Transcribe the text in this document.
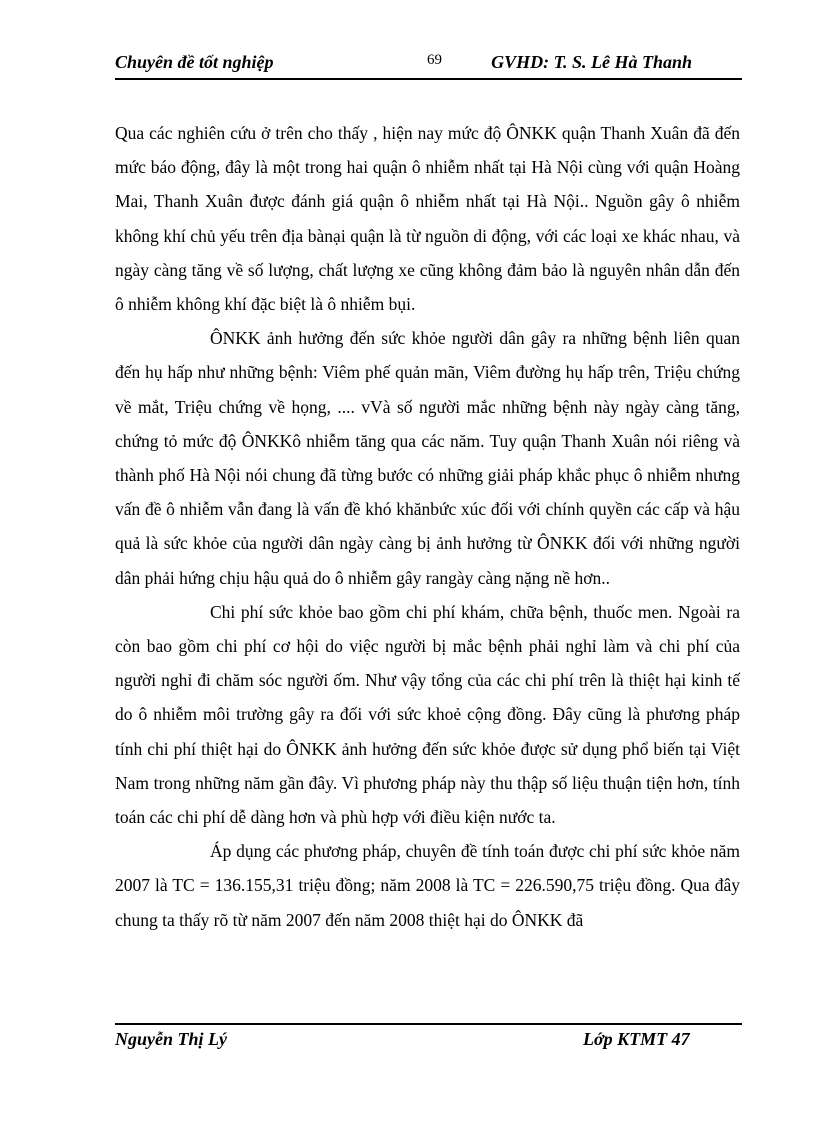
Chuyên đề tốt nghiệp	69	GVHD: T. S. Lê Hà Thanh

Qua các nghiên cứu ở trên cho thấy , hiện nay mức độ ÔNKK quận Thanh Xuân đã đến mức báo động, đây là một trong hai quận ô nhiễm nhất tại Hà Nội cùng với quận Hoàng Mai, Thanh Xuân được đánh giá quận ô nhiễm nhất tại Hà Nội.. Nguồn gây ô nhiễm không khí chủ yếu trên địa bànại quận là từ nguồn di động, với các loại xe khác nhau, và ngày càng tăng về số lượng, chất lượng xe cũng không đảm bảo là nguyên nhân dẫn đến ô nhiễm không khí đặc biệt là ô nhiễm bụi.

ÔNKK ảnh hưởng đến sức khỏe người dân gây ra những bệnh liên quan đến hụ hấp như những bệnh: Viêm phế quản mãn, Viêm đường hụ hấp trên, Triệu chứng về mắt, Triệu chứng về họng, .... vVà số người mắc những bệnh này ngày càng tăng, chứng tỏ mức độ ÔNKKô nhiễm tăng qua các năm. Tuy quận Thanh Xuân nói riêng và thành phố Hà Nội nói chung đã từng bước có những giải pháp khắc phục ô nhiễm nhưng vấn đề ô nhiễm vẫn đang là vấn đề khó khănbức xúc đối với chính quyền các cấp và hậu quả là sức khỏe của người dân ngày càng bị ảnh hưởng từ ÔNKK đối với những người dân phải hứng chịu hậu quả do ô nhiễm gây rangày càng nặng nề hơn..

Chi phí sức khỏe bao gồm chi phí khám, chữa bệnh, thuốc men. Ngoài ra còn bao gồm chi phí cơ hội do việc người bị mắc bệnh phải nghỉ làm và chi phí của người nghỉ đi chăm sóc người ốm. Như vậy tổng của các chi phí trên là thiệt hại kinh tế do ô nhiễm môi trường gây ra đối với sức khoẻ cộng đồng. Đây cũng là phương pháp tính chi phí thiệt hại do ÔNKK ảnh hưởng đến sức khỏe được sử dụng phổ biến tại Việt Nam trong những năm gần đây. Vì phương pháp này thu thập số liệu thuận tiện hơn, tính toán các chi phí dễ dàng hơn và phù hợp với điều kiện nước ta.

Áp dụng các phương pháp, chuyên đề tính toán được chi phí sức khỏe năm 2007 là TC = 136.155,31 triệu đồng; năm 2008 là TC = 226.590,75 triệu đồng. Qua đây chung ta thấy rõ từ năm 2007 đến năm 2008 thiệt hại do ÔNKK đã

Nguyễn Thị Lý	Lớp KTMT 47
